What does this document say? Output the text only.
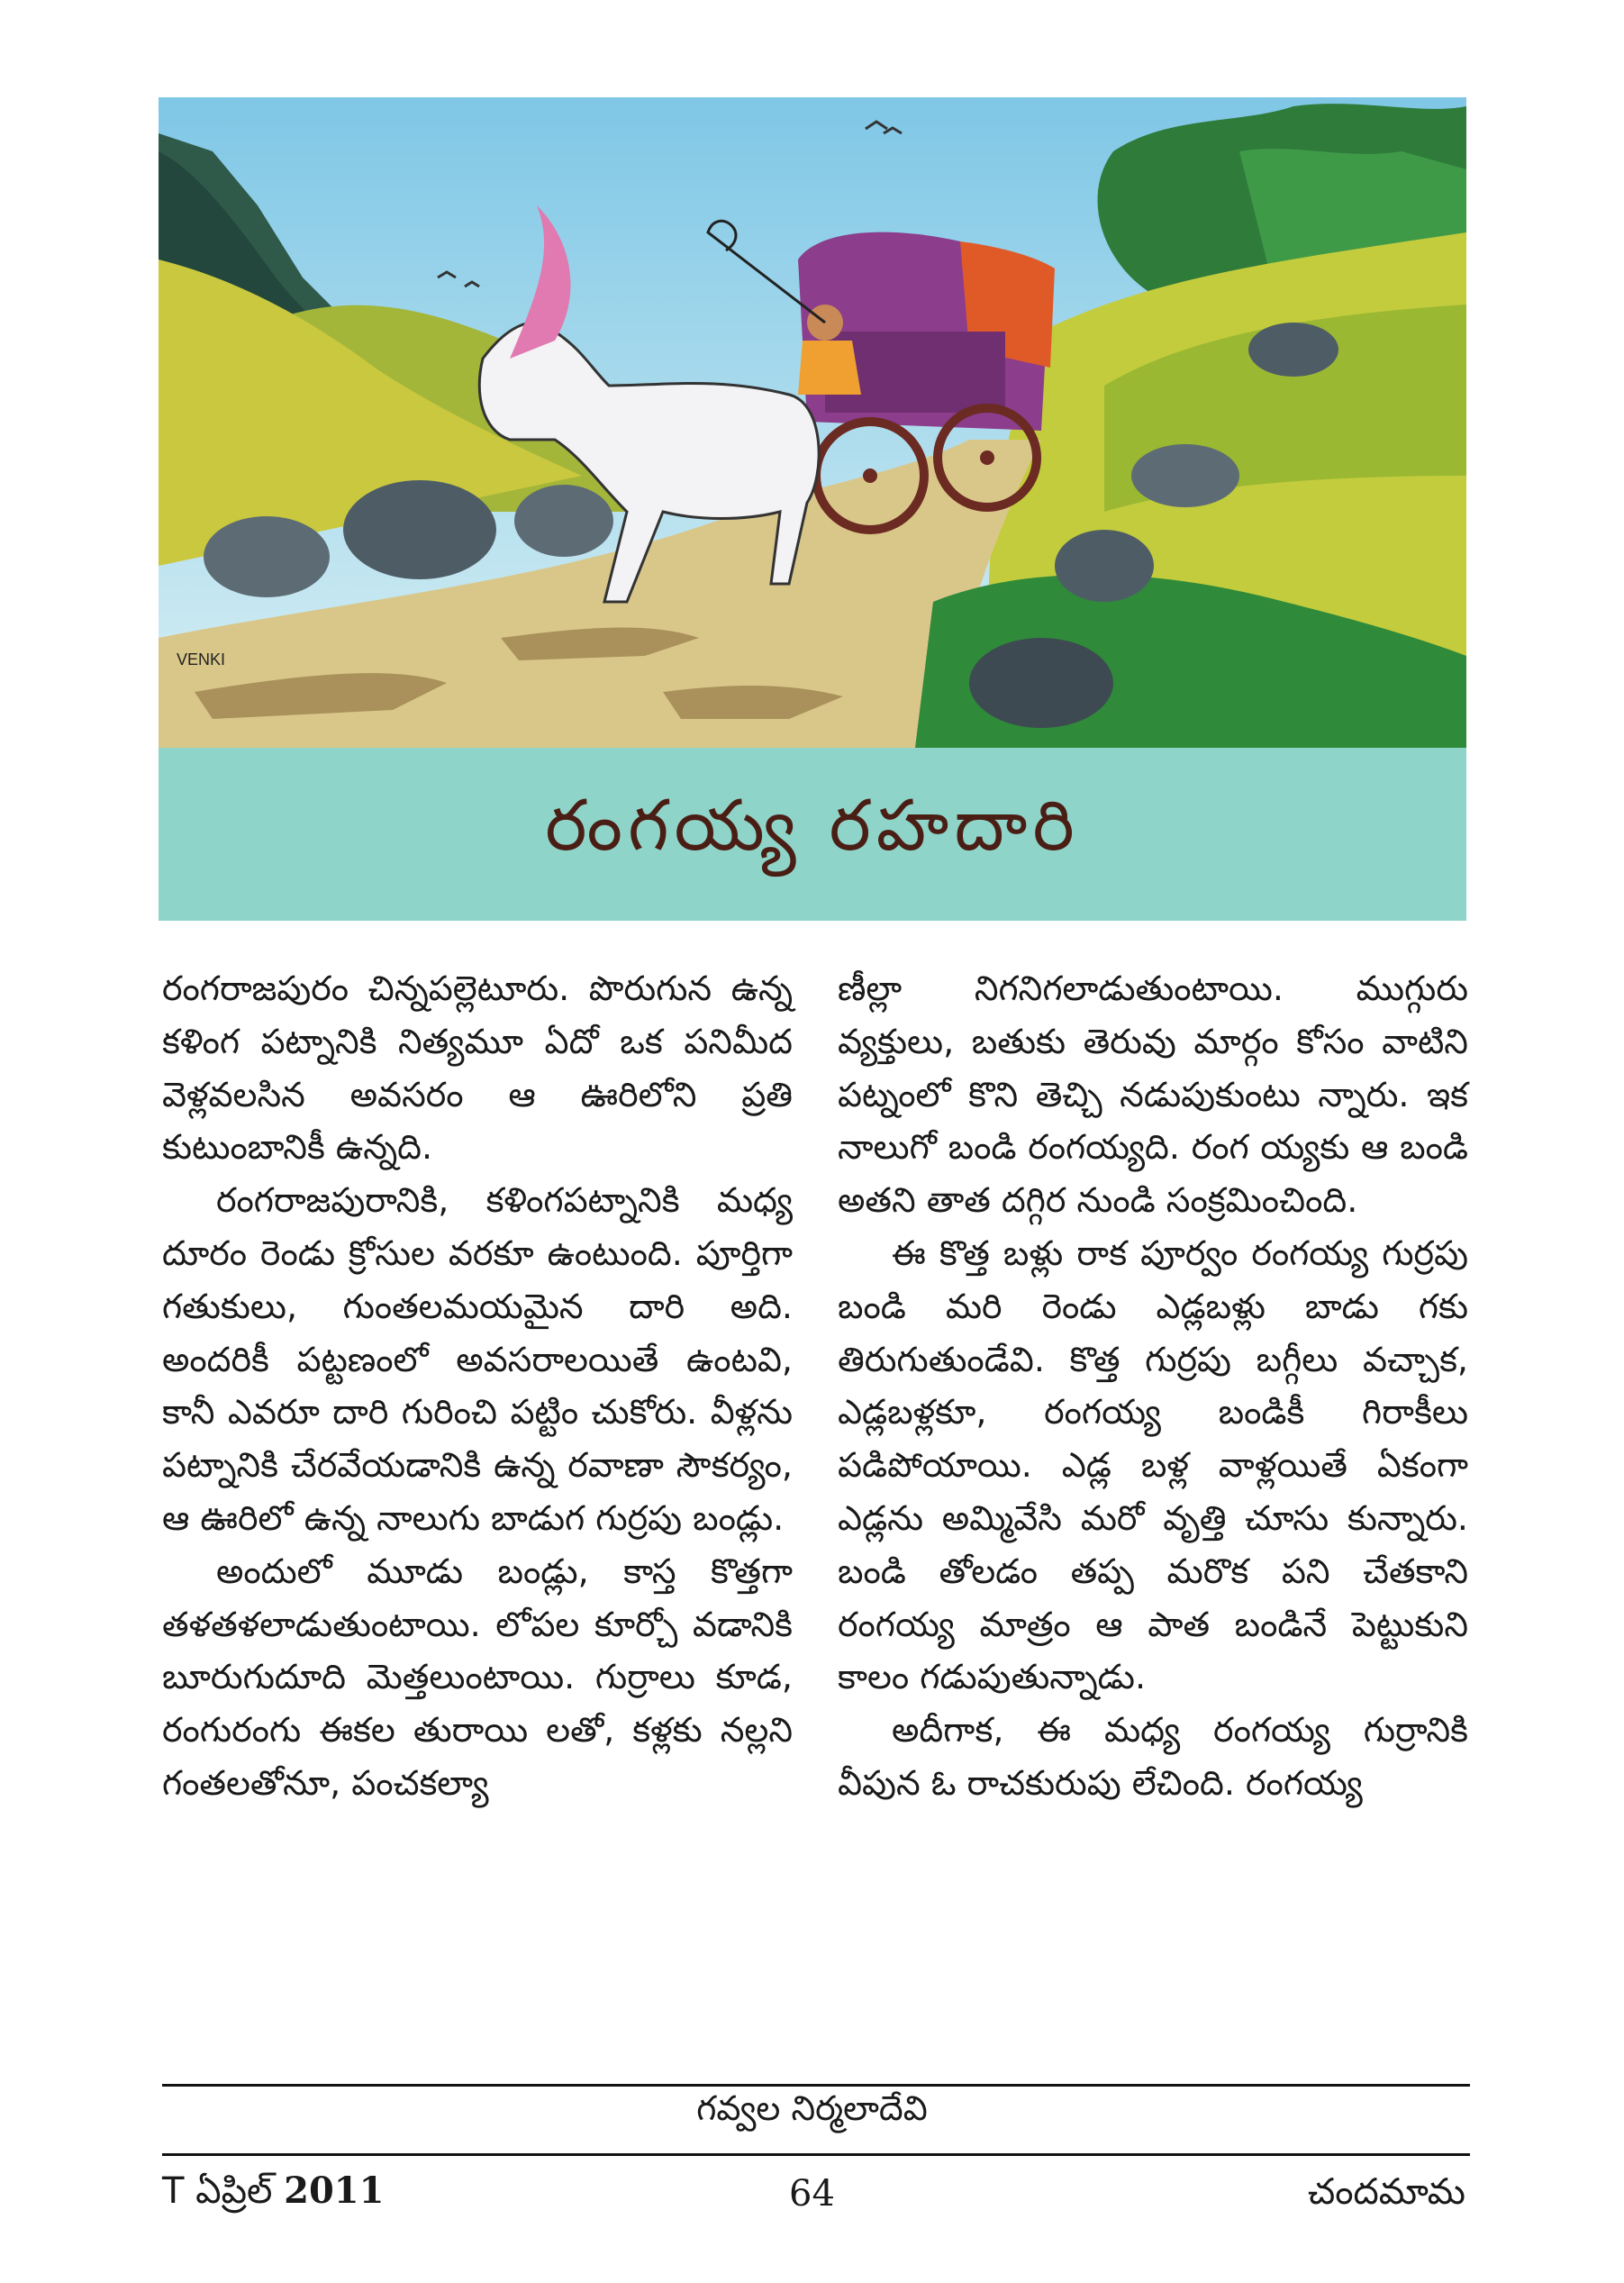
VENKI
రంగయ్య రహదారి

రంగరాజపురం చిన్నపల్లెటూరు. పొరుగున ఉన్న కళింగ పట్నానికి నిత్యమూ ఏదో ఒక పనిమీద వెళ్లవలసిన అవసరం ఆ ఊరిలోని ప్రతి కుటుంబానికీ ఉన్నది.

రంగరాజపురానికి, కళింగపట్నానికి మధ్య దూరం రెండు క్రోసుల వరకూ ఉంటుంది. పూర్తిగా గతుకులు, గుంతలమయమైన దారి అది. అందరికీ పట్టణంలో అవసరాలయితే ఉంటవి, కానీ ఎవరూ దారి గురించి పట్టిం చుకోరు. వీళ్లను పట్నానికి చేరవేయడానికి ఉన్న రవాణా సౌకర్యం, ఆ ఊరిలో ఉన్న నాలుగు బాడుగ గుర్రపు బండ్లు.

అందులో మూడు బండ్లు, కాస్త కొత్తగా తళతళలాడుతుంటాయి. లోపల కూర్చో వడానికి బూరుగుదూది మెత్తలుంటాయి. గుర్రాలు కూడ, రంగురంగు ఈకల తురాయి లతో, కళ్లకు నల్లని గంతలతోనూ, పంచకల్యా

ణీల్లా నిగనిగలాడుతుంటాయి. ముగ్గురు వ్యక్తులు, బతుకు తెరువు మార్గం కోసం వాటిని పట్నంలో కొని తెచ్చి నడుపుకుంటు న్నారు. ఇక నాలుగో బండి రంగయ్యది. రంగ య్యకు ఆ బండి అతని తాత దగ్గిర నుండి సంక్రమించింది.

ఈ కొత్త బళ్లు రాక పూర్వం రంగయ్య గుర్రపు బండి మరి రెండు ఎడ్లబళ్లు బాడు గకు తిరుగుతుండేవి. కొత్త గుర్రపు బగ్గీలు వచ్చాక, ఎడ్లబళ్లకూ, రంగయ్య బండికీ గిరాకీలు పడిపోయాయి. ఎడ్ల బళ్ల వాళ్లయితే ఏకంగా ఎడ్లను అమ్మివేసి మరో వృత్తి చూసు కున్నారు. బండి తోలడం తప్ప మరొక పని చేతకాని రంగయ్య మాత్రం ఆ పాత బండినే పెట్టుకుని కాలం గడుపుతున్నాడు.

అదీగాక, ఈ మధ్య రంగయ్య గుర్రానికి వీపున ఓ రాచకురుపు లేచింది. రంగయ్య

గవ్వల నిర్మలాదేవి
T ఏప్రిల్ 2011	64	చందమామ
